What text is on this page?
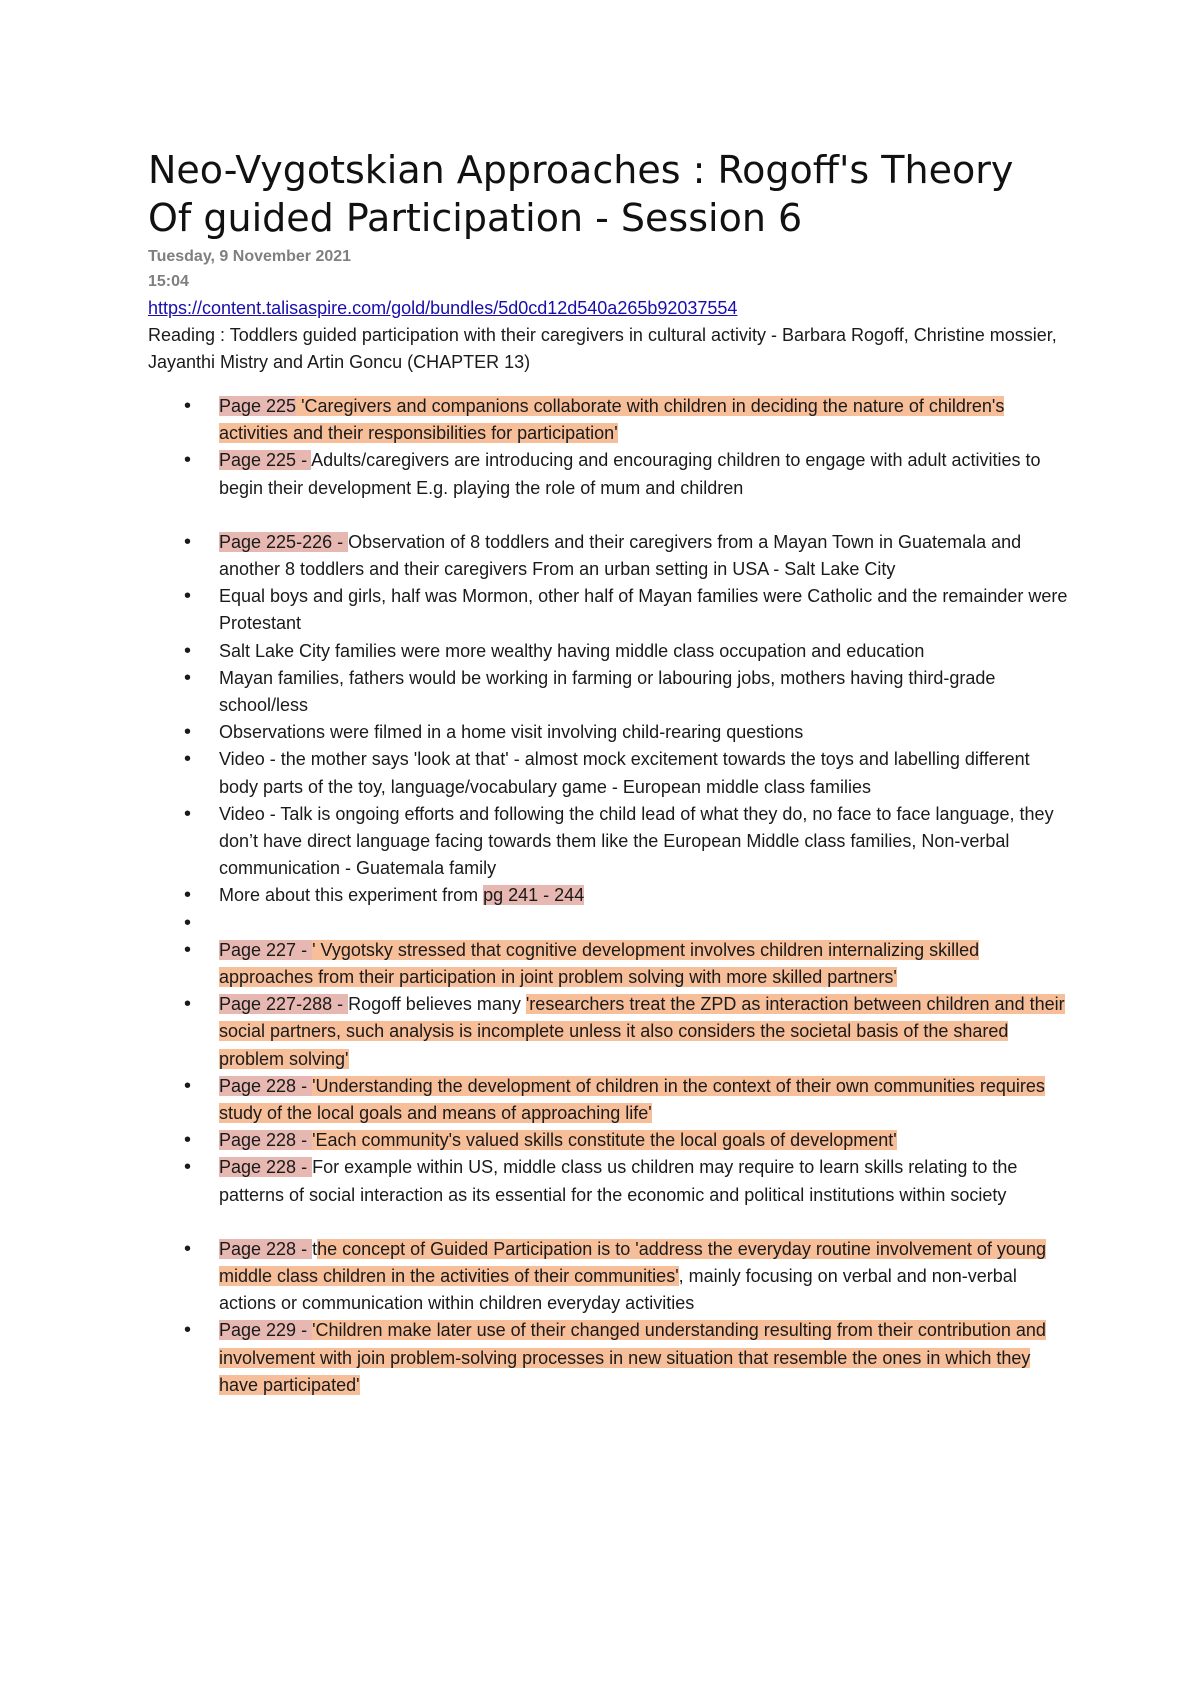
Neo-Vygotskian Approaches : Rogoff's Theory Of guided Participation - Session 6
Tuesday, 9 November 2021
15:04
https://content.talisaspire.com/gold/bundles/5d0cd12d540a265b92037554
Reading : Toddlers guided participation with their caregivers in cultural activity - Barbara Rogoff, Christine mossier, Jayanthi Mistry and Artin Goncu (CHAPTER 13)
• Page 225 'Caregivers and companions collaborate with children in deciding the nature of children's activities and their responsibilities for participation'
• Page 225 - Adults/caregivers are introducing and encouraging children to engage with adult activities to begin their development E.g. playing the role of mum and children
• Page 225-226 - Observation of 8 toddlers and their caregivers from a Mayan Town in Guatemala and another 8 toddlers and their caregivers From an urban setting in USA - Salt Lake City
• Equal boys and girls, half was Mormon, other half of Mayan families were Catholic and the remainder were Protestant
• Salt Lake City families were more wealthy having middle class occupation and education
• Mayan families, fathers would be working in farming or labouring jobs, mothers having third-grade school/less
• Observations were filmed in a home visit involving child-rearing questions
• Video - the mother says 'look at that' - almost mock excitement towards the toys and labelling different body parts of the toy, language/vocabulary game - European middle class families
• Video - Talk is ongoing efforts and following the child lead of what they do, no face to face language, they don’t have direct language facing towards them like the European Middle class families, Non-verbal communication - Guatemala family
• More about this experiment from pg 241 - 244
•
• Page 227 - ' Vygotsky stressed that cognitive development involves children internalizing skilled approaches from their participation in joint problem solving with more skilled partners'
• Page 227-288 - Rogoff believes many 'researchers treat the ZPD as interaction between children and their social partners, such analysis is incomplete unless it also considers the societal basis of the shared problem solving'
• Page 228 - 'Understanding the development of children in the context of their own communities requires study of the local goals and means of approaching life'
• Page 228 - 'Each community's valued skills constitute the local goals of development'
• Page 228 - For example within US, middle class us children may require to learn skills relating to the patterns of social interaction as its essential for the economic and political institutions within society
• Page 228 - the concept of Guided Participation is to 'address the everyday routine involvement of young middle class children in the activities of their communities', mainly focusing on verbal and non-verbal actions or communication within children everyday activities
• Page 229 - 'Children make later use of their changed understanding resulting from their contribution and involvement with join problem-solving processes in new situation that resemble the ones in which they have participated'
